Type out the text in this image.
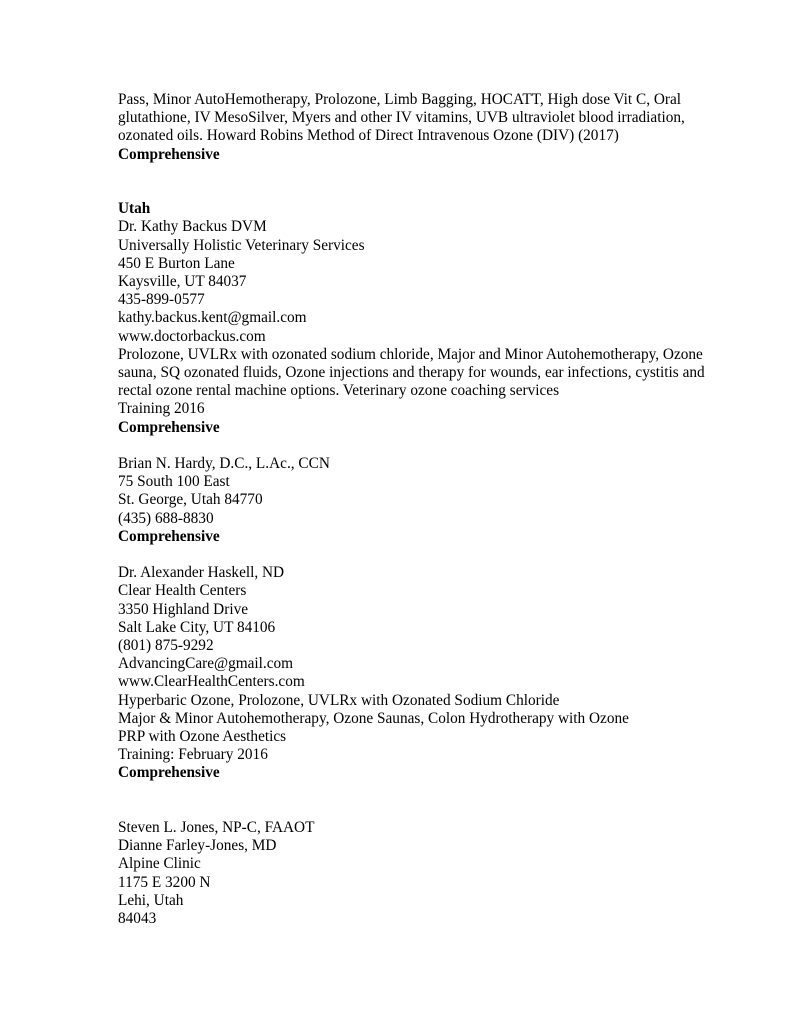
Pass, Minor AutoHemotherapy, Prolozone, Limb Bagging, HOCATT, High dose Vit C, Oral
glutathione, IV MesoSilver, Myers and other IV vitamins, UVB ultraviolet blood irradiation,
ozonated oils. Howard Robins Method of Direct Intravenous Ozone (DIV) (2017)
Comprehensive
Utah
Dr. Kathy Backus DVM
Universally Holistic Veterinary Services
450 E Burton Lane
Kaysville, UT 84037
435-899-0577
kathy.backus.kent@gmail.com
www.doctorbackus.com
Prolozone, UVLRx with ozonated sodium chloride, Major and Minor Autohemotherapy, Ozone
sauna, SQ ozonated fluids, Ozone injections and therapy for wounds, ear infections, cystitis and
rectal ozone rental machine options. Veterinary ozone coaching services
Training 2016
Comprehensive
Brian N. Hardy, D.C., L.Ac., CCN
75 South 100 East
St. George, Utah 84770
(435) 688-8830
Comprehensive
Dr. Alexander Haskell, ND
Clear Health Centers
3350 Highland Drive
Salt Lake City, UT 84106
(801) 875-9292
AdvancingCare@gmail.com
www.ClearHealthCenters.com
Hyperbaric Ozone, Prolozone, UVLRx with Ozonated Sodium Chloride
Major & Minor Autohemotherapy, Ozone Saunas, Colon Hydrotherapy with Ozone
PRP with Ozone Aesthetics
Training: February 2016
Comprehensive
Steven L. Jones, NP-C, FAAOT
Dianne Farley-Jones, MD
Alpine Clinic
1175 E 3200 N
Lehi, Utah
84043
